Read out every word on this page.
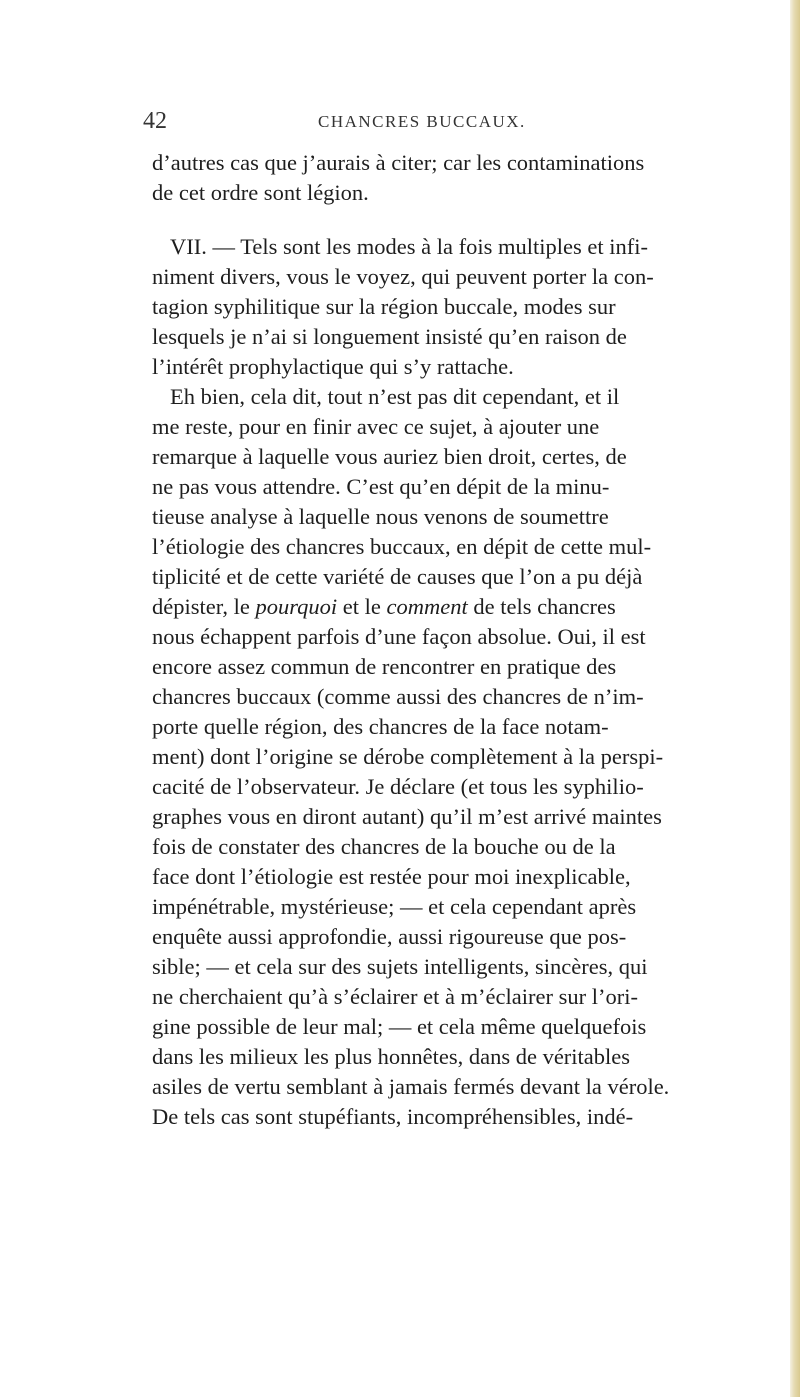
42	CHANCRES BUCCAUX.
d’autres cas que j’aurais à citer; car les contaminations
de cet ordre sont légion.
VII. — Tels sont les modes à la fois multiples et infi-
niment divers, vous le voyez, qui peuvent porter la con-
tagion syphilitique sur la région buccale, modes sur
lesquels je n’ai si longuement insisté qu’en raison de
l’intérêt prophylactique qui s’y rattache.
Eh bien, cela dit, tout n’est pas dit cependant, et il
me reste, pour en finir avec ce sujet, à ajouter une
remarque à laquelle vous auriez bien droit, certes, de
ne pas vous attendre. C’est qu’en dépit de la minu-
tieuse analyse à laquelle nous venons de soumettre
l’étiologie des chancres buccaux, en dépit de cette mul-
tiplicité et de cette variété de causes que l’on a pu déjà
dépister, le pourquoi et le comment de tels chancres
nous échappent parfois d’une façon absolue. Oui, il est
encore assez commun de rencontrer en pratique des
chancres buccaux (comme aussi des chancres de n’im-
porte quelle région, des chancres de la face notam-
ment) dont l’origine se dérobe complètement à la perspi-
cacité de l’observateur. Je déclare (et tous les syphilio-
graphes vous en diront autant) qu’il m’est arrivé maintes
fois de constater des chancres de la bouche ou de la
face dont l’étiologie est restée pour moi inexplicable,
impénétrable, mystérieuse; — et cela cependant après
enquête aussi approfondie, aussi rigoureuse que pos-
sible; — et cela sur des sujets intelligents, sincères, qui
ne cherchaient qu’à s’éclairer et à m’éclairer sur l’ori-
gine possible de leur mal; — et cela même quelquefois
dans les milieux les plus honnêtes, dans de véritables
asiles de vertu semblant à jamais fermés devant la vérole.
De tels cas sont stupéfiants, incompréhensibles, indé-
